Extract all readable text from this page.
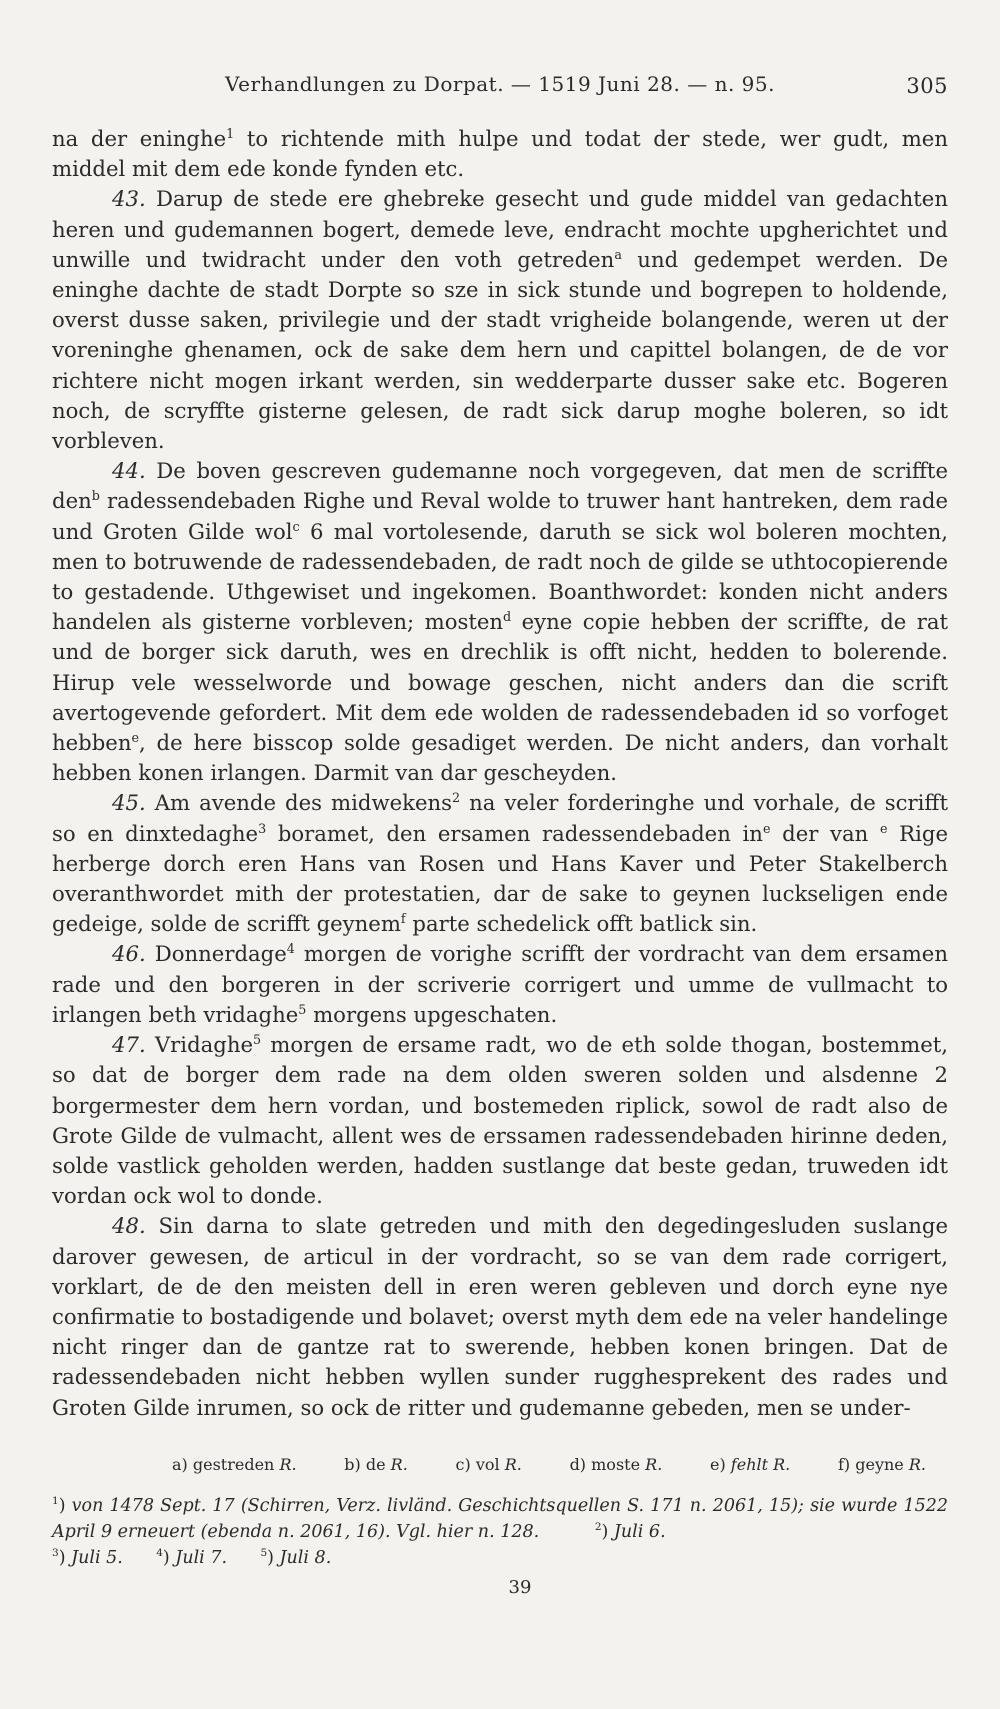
Verhandlungen zu Dorpat. — 1519 Juni 28. — n. 95.	305

na der eninghe$^1$ to richtende mith hulpe und todat der stede, wer gudt, men middel mit dem ede konde fynden etc.

43. Darup de stede ere ghebreke gesecht und gude middel van gedachten heren und gudemannen bogert, demede leve, endracht mochte upgherichtet und unwille und twidracht under den voth getreden$^a$ und gedempet werden. De eninghe dachte de stadt Dorpte so sze in sick stunde und bogrepen to holdende, overst dusse saken, privilegie und der stadt vrigheide bolangende, weren ut der voreninghe ghenamen, ock de sake dem hern und capittel bolangen, de de vor richtere nicht mogen irkant werden, sin wedderparte dusser sake etc. Bogeren noch, de scryffte gisterne gelesen, de radt sick darup moghe boleren, so idt vorbleven.

44. De boven gescreven gudemanne noch vorgegeven, dat men de scriffte den$^b$ radessendebaden Righe und Reval wolde to truwer hant hantreken, dem rade und Groten Gilde wol$^c$ 6 mal vortolesende, daruth se sick wol boleren mochten, men to botruwende de radessendebaden, de radt noch de gilde se uthtocopierende to gestadende. Uthgewiset und ingekomen. Boanthwordet: konden nicht anders handelen als gisterne vorbleven; mosten$^d$ eyne copie hebben der scriffte, de rat und de borger sick daruth, wes en drechlik is offt nicht, hedden to bolerende. Hirup vele wesselworde und bowage geschen, nicht anders dan die scrift avertogevende gefordert. Mit dem ede wolden de radessendebaden id so vorfoget hebben$^e$, de here bisscop solde gesadiget werden. De nicht anders, dan vorhalt hebben konen irlangen. Darmit van dar gescheyden.

45. Am avende des midwekens$^2$ na veler forderinghe und vorhale, de scrifft so en dinxtedaghe$^3$ boramet, den ersamen radessendebaden $in^e$ der van $^e$ Rige herberge dorch eren Hans van Rosen und Hans Kaver und Peter Stakelberch overanthwordet mith der protestatien, dar de sake to geynen luckseligen ende gedeige, solde de scrifft geynem$^f$ parte schedelick offt batlick sin.

46. Donnerdage$^4$ morgen de vorighe scrifft der vordracht van dem ersamen rade und den borgeren in der scriverie corrigert und umme de vullmacht to irlangen beth vridaghe$^5$ morgens upgeschaten.

47. Vridaghe$^5$ morgen de ersame radt, wo de eth solde thogan, bostemmet, so dat de borger dem rade na dem olden sweren solden und alsdenne 2 borgermester dem hern vordan, und bostemeden riplick, sowol de radt also de Grote Gilde de vulmacht, allent wes de erssamen radessendebaden hirinne deden, solde vastlick geholden werden, hadden sustlange dat beste gedan, truweden idt vordan ock wol to donde.

48. Sin darna to slate getreden und mith den degedingesluden suslange darover gewesen, de articul in der vordracht, so se van dem rade corrigert, vorklart, de de den meisten dell in eren weren gebleven und dorch eyne nye confirmatie to bostadigende und bolavet; overst myth dem ede na veler handelinge nicht ringer dan de gantze rat to swerende, hebben konen bringen. Dat de radessendebaden nicht hebben wyllen sunder rugghesprekent des rades und Groten Gilde inrumen, so ock de ritter und gudemanne gebeden, men se under-

a) gestreden R.	b) de R.	c) vol R.	d) moste R.	e) fehlt R.	f) geyne R.
$^1$) von 1478 Sept. 17 (Schirren, Verz. livländ. Geschichtsquellen S. 171 n. 2061, 15); sie wurde 1522 April 9 erneuert (ebenda n. 2061, 16). Vgl. hier n. 128.	$^2$) Juli 6.
$^3$) Juli 5.	$^4$) Juli 7.	$^5$) Juli 8.
39
